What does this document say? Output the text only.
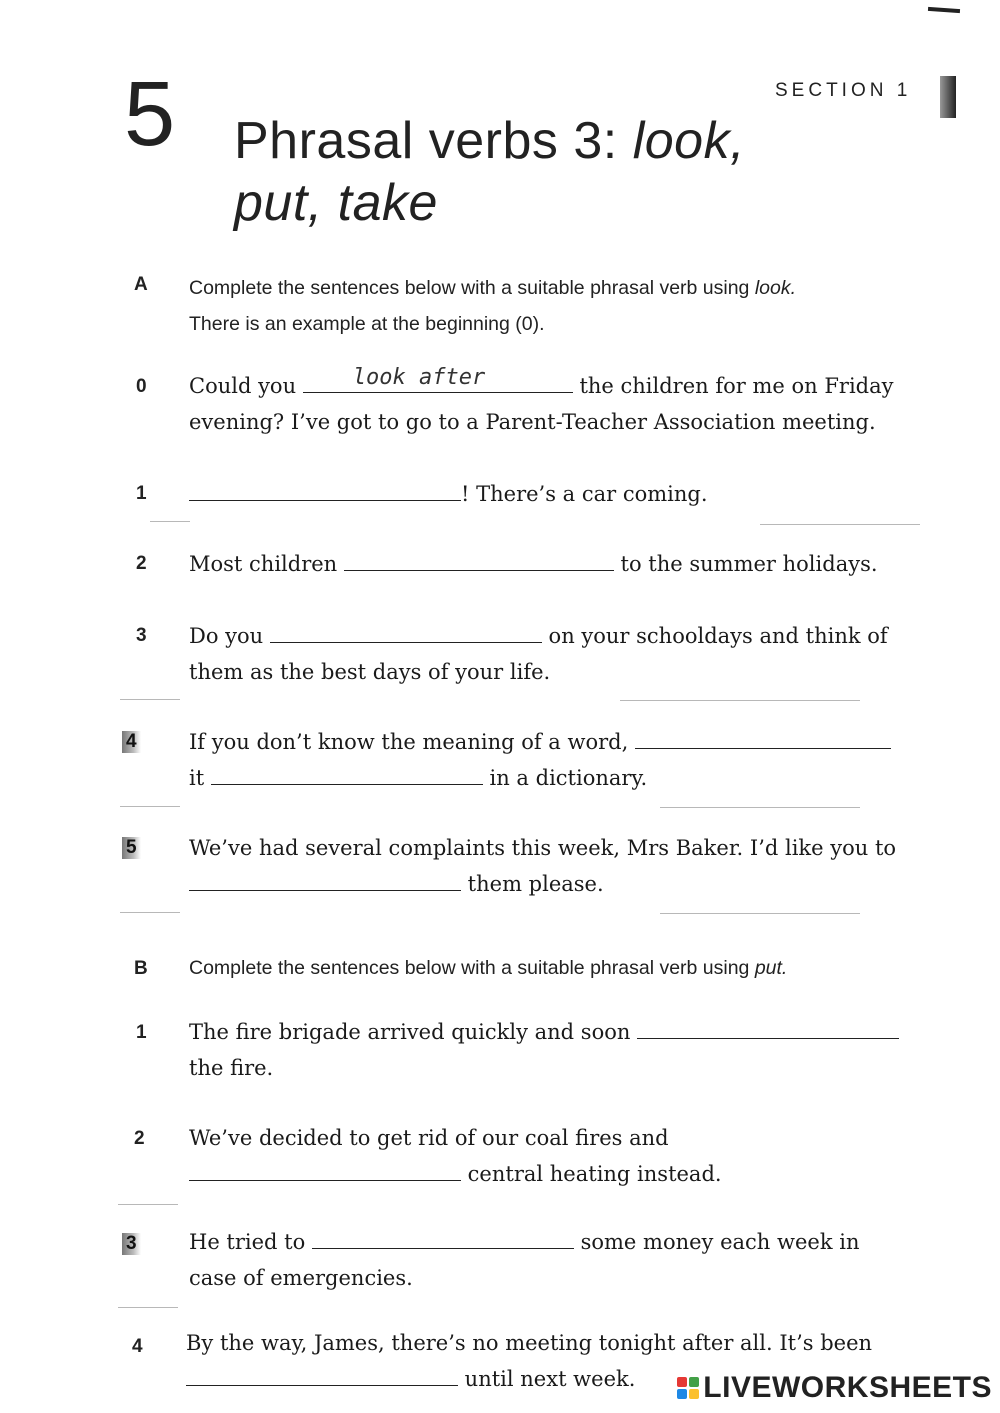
5	SECTION 1
Phrasal verbs 3: look,
put, take
A Complete the sentences below with a suitable phrasal verb using look.
There is an example at the beginning (0).
0 Could you look after	the children for me on Friday
evening? I’ve got to go to a Parent-Teacher Association meeting.
1	! There’s a car coming.
2 Most children	to the summer holidays.
3 Do you	on your schooldays and think of
them as the best days of your life.
4 If you don’t know the meaning of a word,
it	in a dictionary.
5 We’ve had several complaints this week, Mrs Baker. I’d like you to
them please.
B Complete the sentences below with a suitable phrasal verb using put.
1 The fire brigade arrived quickly and soon
the fire.
2 We’ve decided to get rid of our coal fires and
central heating instead.
3 He tried to	some money each week in
case of emergencies.
4 By the way, James, there’s no meeting tonight after all. It’s been
until next week.	LIVEWORKSHEETS
